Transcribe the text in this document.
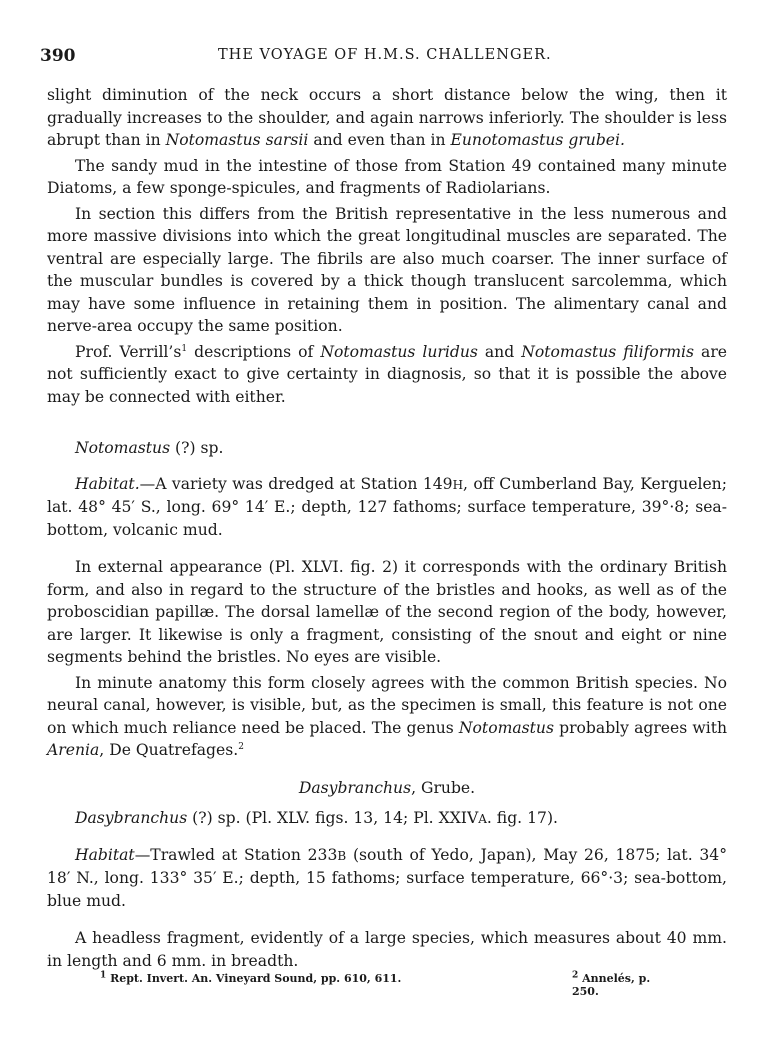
390	THE VOYAGE OF H.M.S. CHALLENGER.

slight diminution of the neck occurs a short distance below the wing, then it gradually increases to the shoulder, and again narrows inferiorly. The shoulder is less abrupt than in Notomastus sarsii and even than in Eunotomastus grubei.

The sandy mud in the intestine of those from Station 49 contained many minute Diatoms, a few sponge-spicules, and fragments of Radiolarians.

In section this differs from the British representative in the less numerous and more massive divisions into which the great longitudinal muscles are separated. The ventral are especially large. The fibrils are also much coarser. The inner surface of the muscular bundles is covered by a thick though translucent sarcolemma, which may have some influence in retaining them in position. The alimentary canal and nerve-area occupy the same position.

Prof. $Verrill’s^1$ descriptions of Notomastus luridus and Notomastus filiformis are not sufficiently exact to give certainty in diagnosis, so that it is possible the above may be connected with either.

Notomastus (?) sp.

Habitat.—A variety was dredged at Station 149H, off Cumberland Bay, Kerguelen; lat. 48° 45′ S., long. 69° 14′ E.; depth, 127 fathoms; surface temperature, 39°·8; sea-bottom, volcanic mud.

In external appearance (Pl. XLVI. fig. 2) it corresponds with the ordinary British form, and also in regard to the structure of the bristles and hooks, as well as of the proboscidian papillæ. The dorsal lamellæ of the second region of the body, however, are larger. It likewise is only a fragment, consisting of the snout and eight or nine segments behind the bristles. No eyes are visible.

In minute anatomy this form closely agrees with the common British species. No neural canal, however, is visible, but, as the specimen is small, this feature is not one on which much reliance need be placed. The genus Notomastus probably agrees with Arenia, De Quatrefages.$^2$

Dasybranchus, Grube.

Dasybranchus (?) sp. (Pl. XLV. figs. 13, 14; Pl. XXIVA. fig. 17).

Habitat—Trawled at Station 233B (south of Yedo, Japan), May 26, 1875; lat. 34° 18′ N., long. 133° 35′ E.; depth, 15 fathoms; surface temperature, 66°·3; sea-bottom, blue mud.

A headless fragment, evidently of a large species, which measures about 40 mm. in length and 6 mm. in breadth.

$^1$ Rept. Invert. An. Vineyard Sound, pp. 610, 611.	$^2$ Annelés, p. 250.
